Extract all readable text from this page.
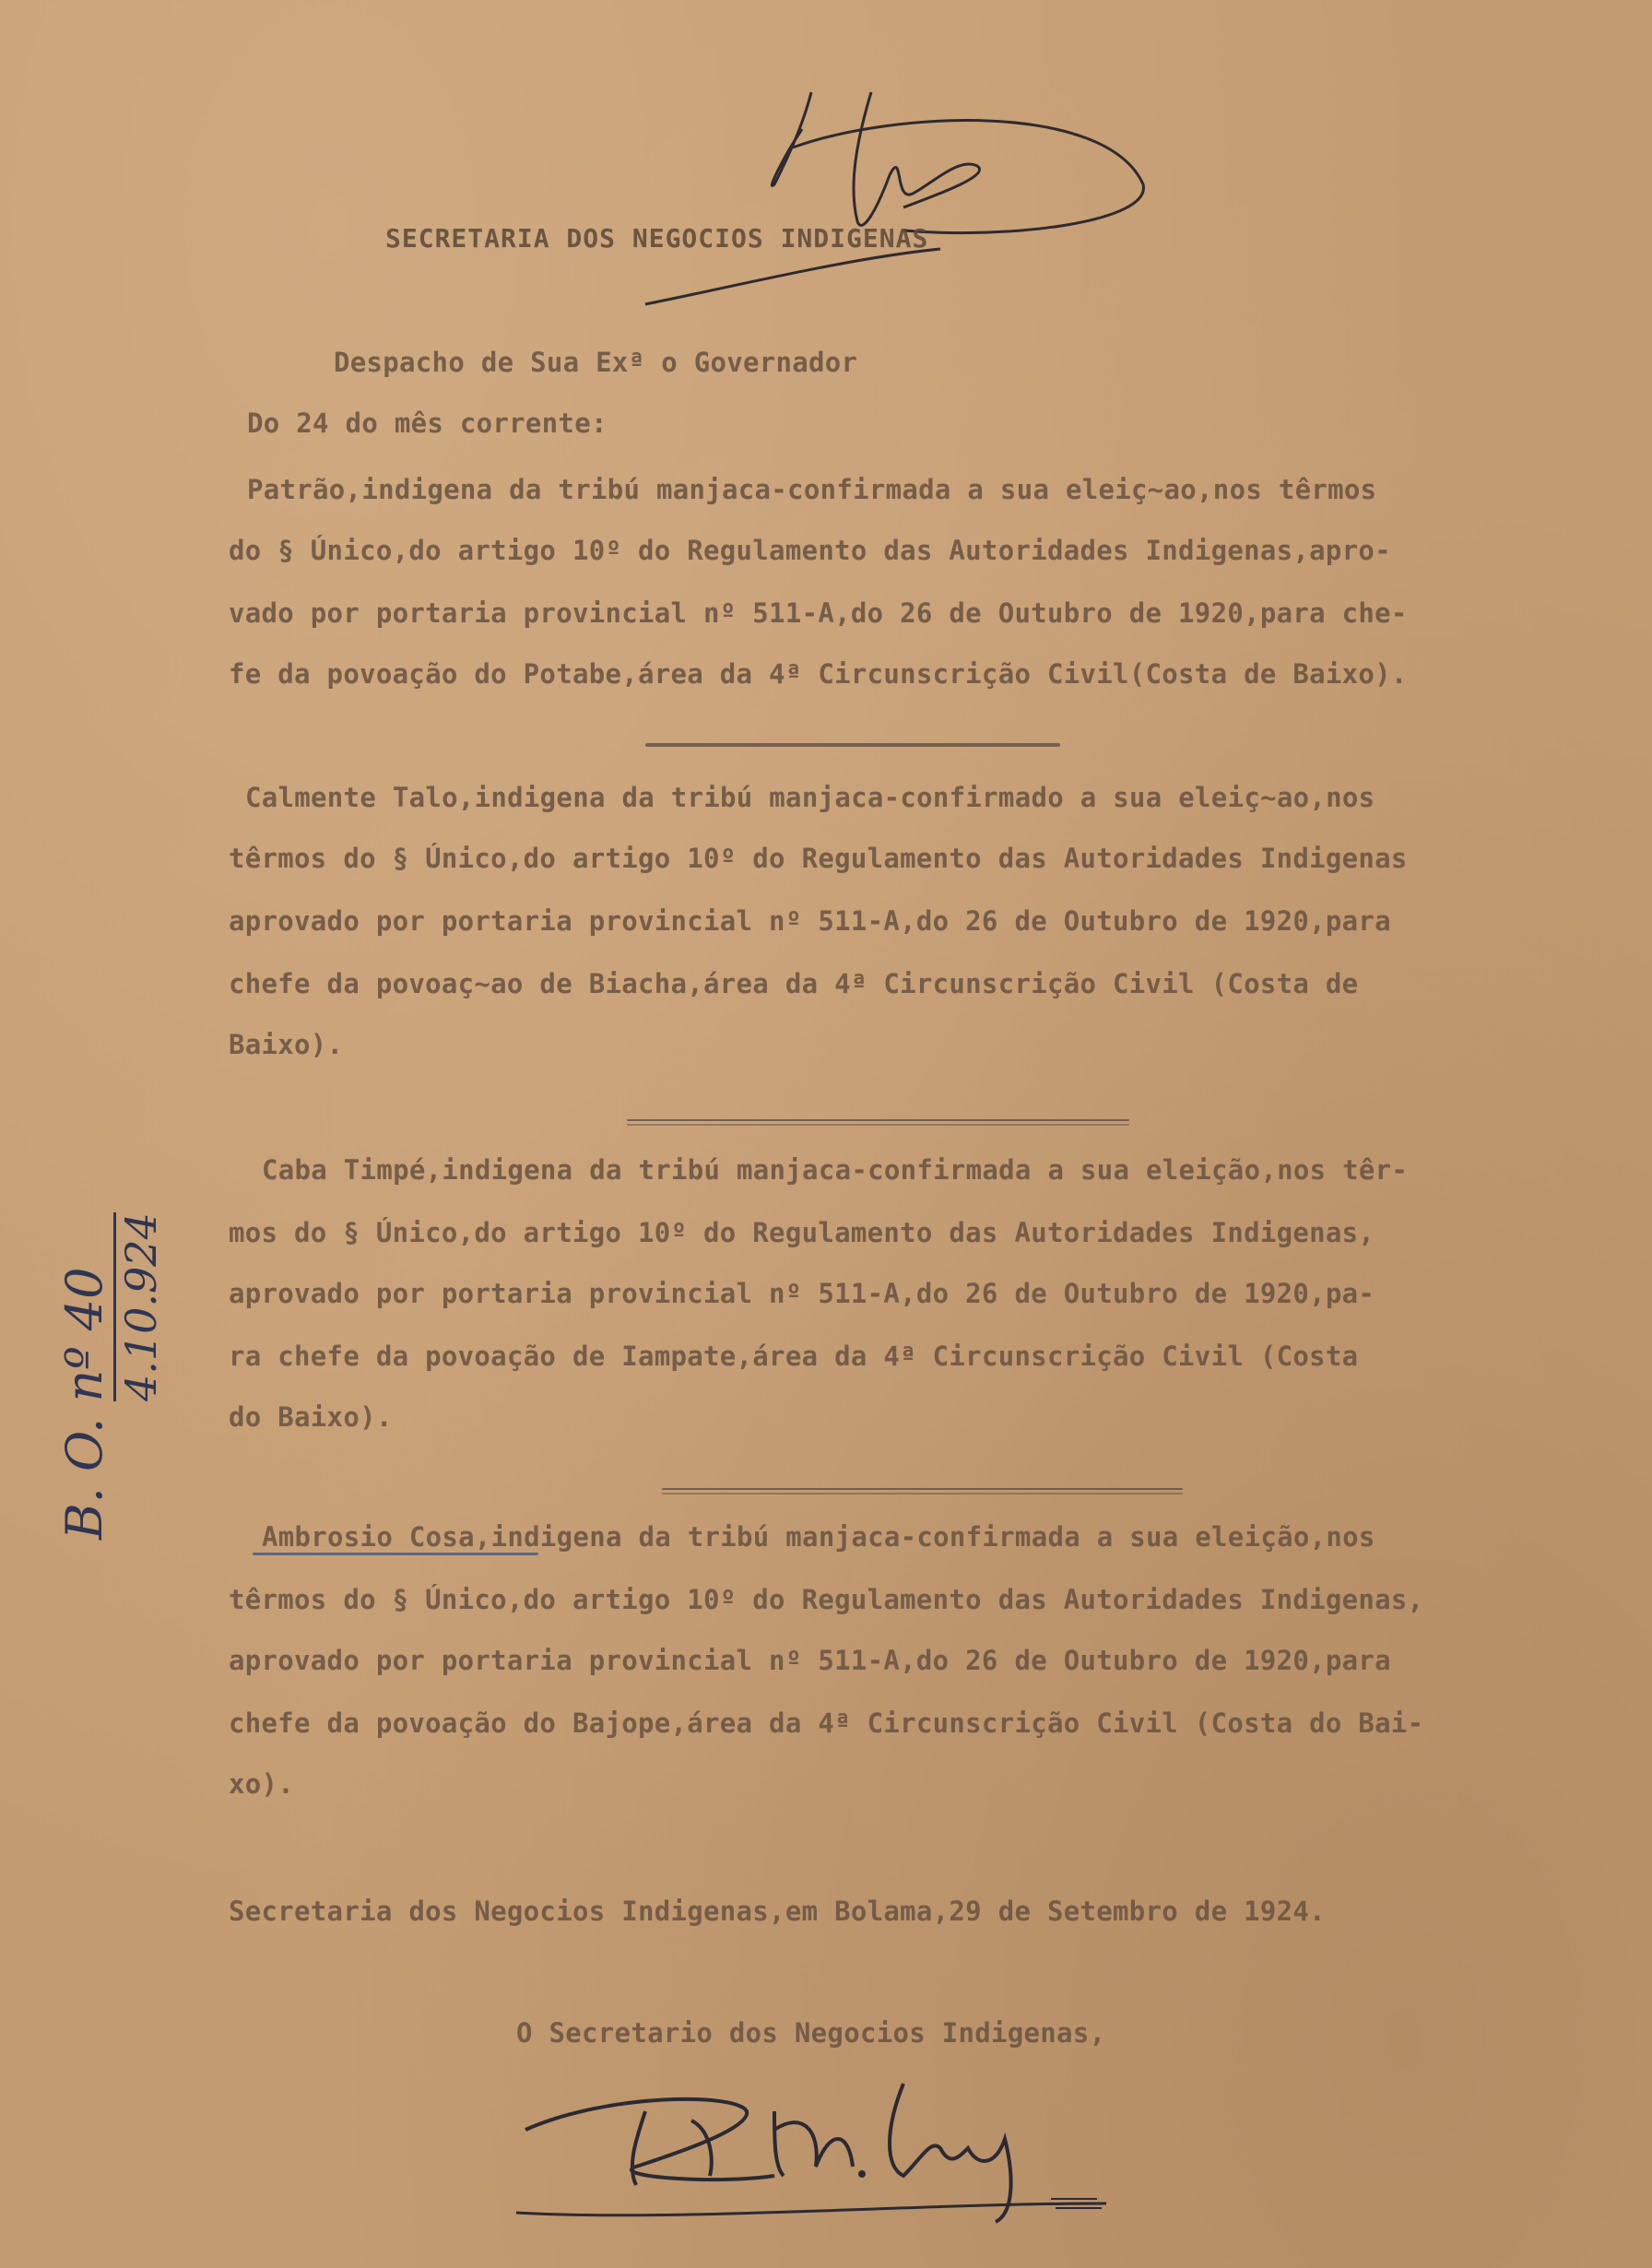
SECRETARIA DOS NEGOCIOS INDIGENAS
Despacho de Sua Exª o Governador
Do 24 do mês corrente:
Patrão,indigena da tribú manjaca-confirmada a sua eleiç~ao,nos têrmos
do § Único,do artigo 10º do Regulamento das Autoridades Indigenas,apro-
vado por portaria provincial nº 511-A,do 26 de Outubro de 1920,para che-
fe da povoação do Potabe,área da 4ª Circunscrição Civil(Costa de Baixo).
Calmente Talo,indigena da tribú manjaca-confirmado a sua eleiç~ao,nos
têrmos do § Único,do artigo 10º do Regulamento das Autoridades Indigenas
aprovado por portaria provincial nº 511-A,do 26 de Outubro de 1920,para
chefe da povoaç~ao de Biacha,área da 4ª Circunscrição Civil (Costa de
Baixo).
Caba Timpé,indigena da tribú manjaca-confirmada a sua eleição,nos têr-
mos do § Único,do artigo 10º do Regulamento das Autoridades Indigenas,
aprovado por portaria provincial nº 511-A,do 26 de Outubro de 1920,pa-
ra chefe da povoação de Iampate,área da 4ª Circunscrição Civil (Costa
do Baixo).
Ambrosio Cosa,indigena da tribú manjaca-confirmada a sua eleição,nos
têrmos do § Único,do artigo 10º do Regulamento das Autoridades Indigenas,
aprovado por portaria provincial nº 511-A,do 26 de Outubro de 1920,para
chefe da povoação do Bajope,área da 4ª Circunscrição Civil (Costa do Bai-
xo).
Secretaria dos Negocios Indigenas,em Bolama,29 de Setembro de 1924.
O Secretario dos Negocios Indigenas,
B. O. nº 40 4.10.924
